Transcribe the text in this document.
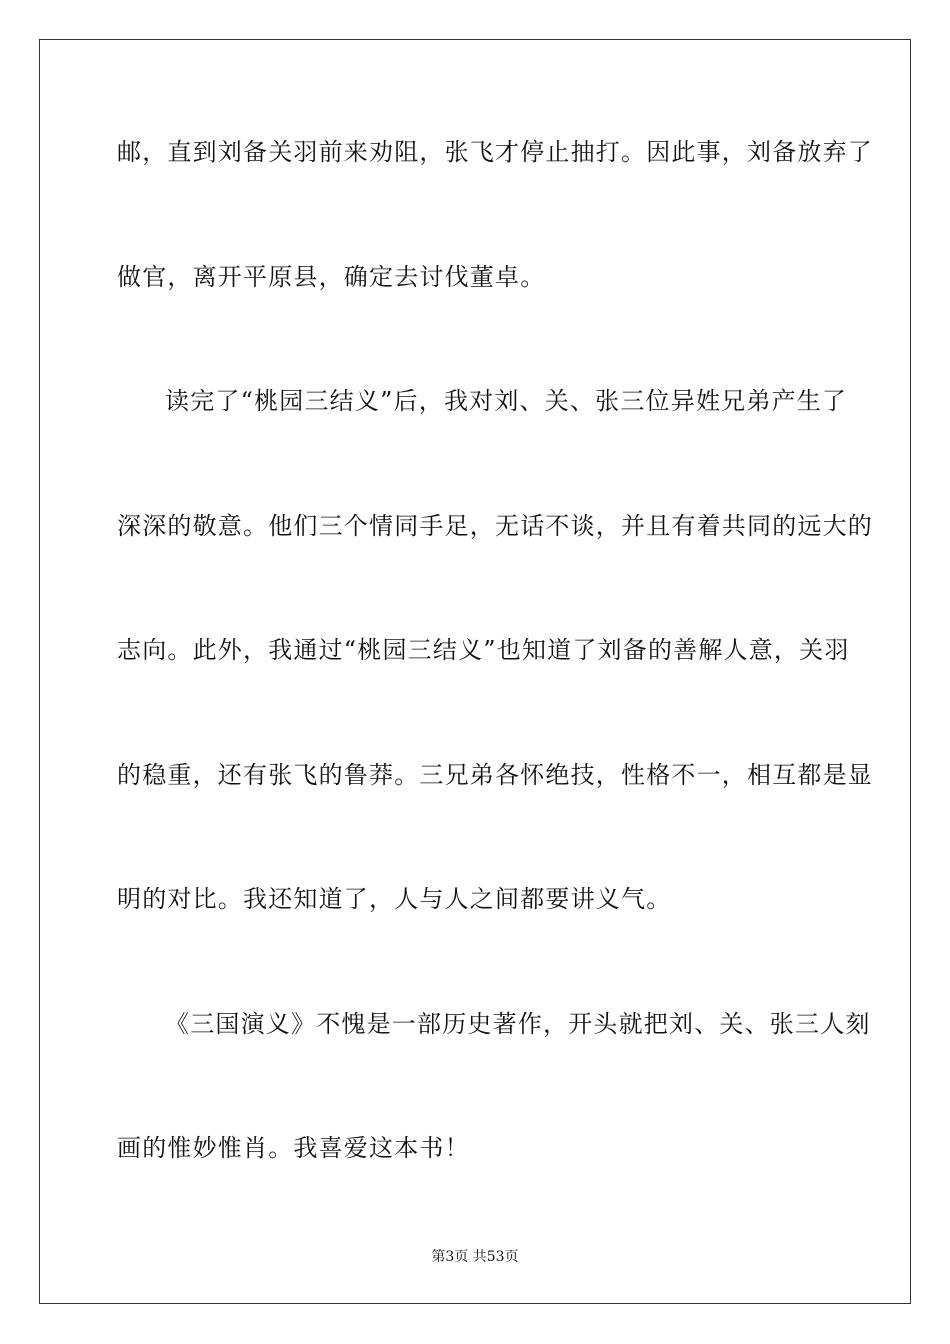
邮，直到刘备关羽前来劝阻，张飞才停止抽打。因此事，刘备放弃了
做官，离开平原县，确定去讨伐董卓。
读完了“桃园三结义”后，我对刘、关、张三位异姓兄弟产生了
深深的敬意。他们三个情同手足，无话不谈，并且有着共同的远大的
志向。此外，我通过“桃园三结义”也知道了刘备的善解人意，关羽
的稳重，还有张飞的鲁莽。三兄弟各怀绝技，性格不一，相互都是显
明的对比。我还知道了，人与人之间都要讲义气。
《三国演义》不愧是一部历史著作，开头就把刘、关、张三人刻
画的惟妙惟肖。我喜爱这本书！
第3页 共53页
